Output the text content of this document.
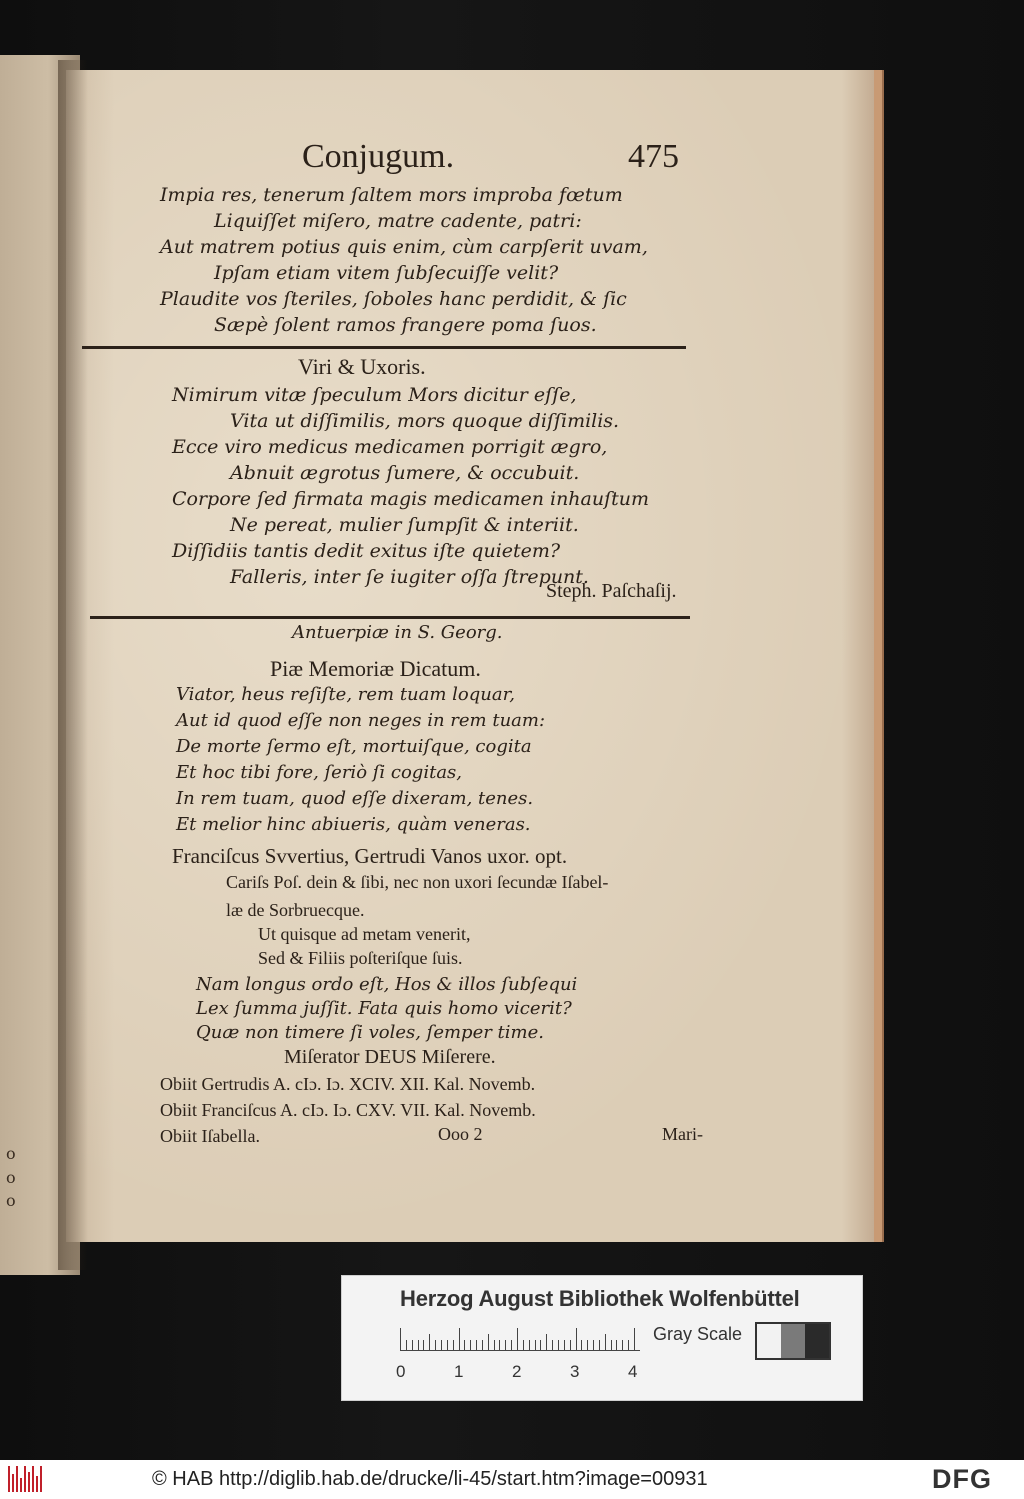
o
o
o
Conjugum.	475
Impia res, tenerum ſaltem mors improba fœtum
Liquiſſet miſero, matre cadente, patri:
Aut matrem potius quis enim, cùm carpſerit uvam,
Ipſam etiam vitem ſubſecuiſſe velit?
Plaudite vos ſteriles, ſoboles hanc perdidit, & ſic
Sæpè ſolent ramos frangere poma ſuos.
Viri & Uxoris.
Nimirum vitæ ſpeculum Mors dicitur eſſe,
Vita ut diſſimilis, mors quoque diſſimilis.
Ecce viro medicus medicamen porrigit ægro,
Abnuit ægrotus ſumere, & occubuit.
Corpore ſed firmata magis medicamen inhauſtum
Ne pereat, mulier ſumpſit & interiit.
Diſſidiis tantis dedit exitus iſte quietem?
Falleris, inter ſe iugiter oſſa ſtrepunt.
Steph. Paſchaſij.
Antuerpiæ in S. Georg.
Piæ Memoriæ Dicatum.
Viator, heus reſiſte, rem tuam loquar,
Aut id quod eſſe non neges in rem tuam:
De morte ſermo eſt, mortuiſque, cogita
Et hoc tibi fore, ſeriò ſi cogitas,
In rem tuam, quod eſſe dixeram, tenes.
Et melior hinc abiueris, quàm veneras.
Franciſcus Svvertius, Gertrudi Vanos uxor. opt.
Cariſs Poſ. dein & ſibi, nec non uxori ſecundæ Iſabel-
læ de Sorbruecque.
Ut quisque ad metam venerit,
Sed & Filiis poſteriſque ſuis.
Nam longus ordo eſt, Hos & illos ſubſequi
Lex ſumma juſſit. Fata quis homo vicerit?
Quæ non timere ſi voles, ſemper time.
Miſerator DEUS Miſerere.
Obiit Gertrudis A. cIɔ. Iɔ. XCIV. XII. Kal. Novemb.
Obiit Franciſcus A. cIɔ. Iɔ. CXV. VII. Kal. Novemb.
Obiit Iſabella.	Ooo 2	Mari-
Herzog August Bibliothek Wolfenbüttel
0	1	2	3	4
Gray Scale
© HAB http://diglib.hab.de/drucke/li-45/start.htm?image=00931	DFG
